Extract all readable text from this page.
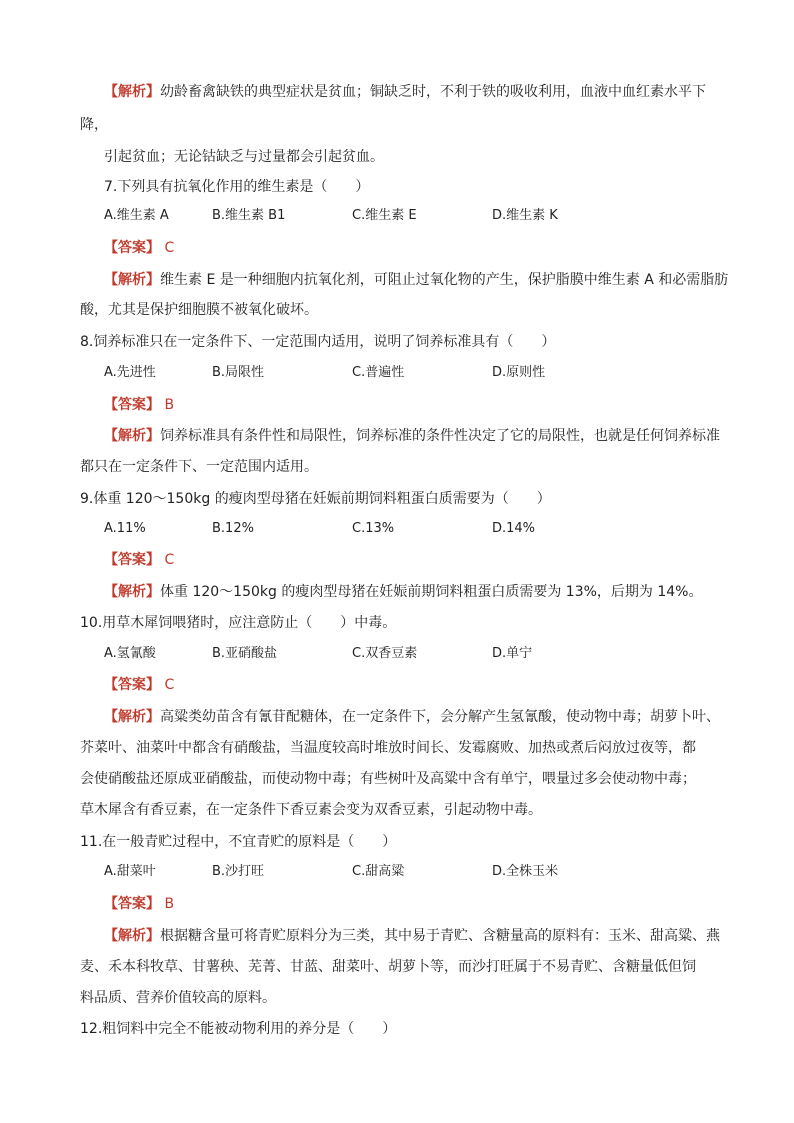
【解析】幼龄畜禽缺铁的典型症状是贫血；铜缺乏时，不利于铁的吸收利用，血液中血红素水平下
降，
引起贫血；无论钴缺乏与过量都会引起贫血。
7.下列具有抗氧化作用的维生素是（　　）
A.维生素 A	B.维生素 B1	C.维生素 E	D.维生素 K
【答案】 C
【解析】维生素 E 是一种细胞内抗氧化剂，可阻止过氧化物的产生，保护脂膜中维生素 A 和必需脂肪
酸，尤其是保护细胞膜不被氧化破坏。
8.饲养标准只在一定条件下、一定范围内适用，说明了饲养标准具有（　　）
A.先进性	B.局限性	C.普遍性	D.原则性
【答案】 B
【解析】饲养标准具有条件性和局限性，饲养标准的条件性决定了它的局限性，也就是任何饲养标准
都只在一定条件下、一定范围内适用。
9.体重 120～150kg 的瘦肉型母猪在妊娠前期饲料粗蛋白质需要为（　　）
A.11%	B.12%	C.13%	D.14%
【答案】 C
【解析】体重 120～150kg 的瘦肉型母猪在妊娠前期饲料粗蛋白质需要为 13%，后期为 14%。
10.用草木犀饲喂猪时，应注意防止（　　）中毒。
A.氢氰酸	B.亚硝酸盐	C.双香豆素	D.单宁
【答案】 C
【解析】高粱类幼苗含有氰苷配糖体，在一定条件下，会分解产生氢氰酸，使动物中毒；胡萝卜叶、
芥菜叶、油菜叶中都含有硝酸盐，当温度较高时堆放时间长、发霉腐败、加热或煮后闷放过夜等，都
会使硝酸盐还原成亚硝酸盐，而使动物中毒；有些树叶及高粱中含有单宁，喂量过多会使动物中毒；
草木犀含有香豆素，在一定条件下香豆素会变为双香豆素，引起动物中毒。
11.在一般青贮过程中，不宜青贮的原料是（　　）
A.甜菜叶	B.沙打旺	C.甜高粱	D.全株玉米
【答案】 B
【解析】根据糖含量可将青贮原料分为三类，其中易于青贮、含糖量高的原料有：玉米、甜高粱、燕
麦、禾本科牧草、甘薯秧、芜菁、甘蓝、甜菜叶、胡萝卜等，而沙打旺属于不易青贮、含糖量低但饲
料品质、营养价值较高的原料。
12.粗饲料中完全不能被动物利用的养分是（　　）
